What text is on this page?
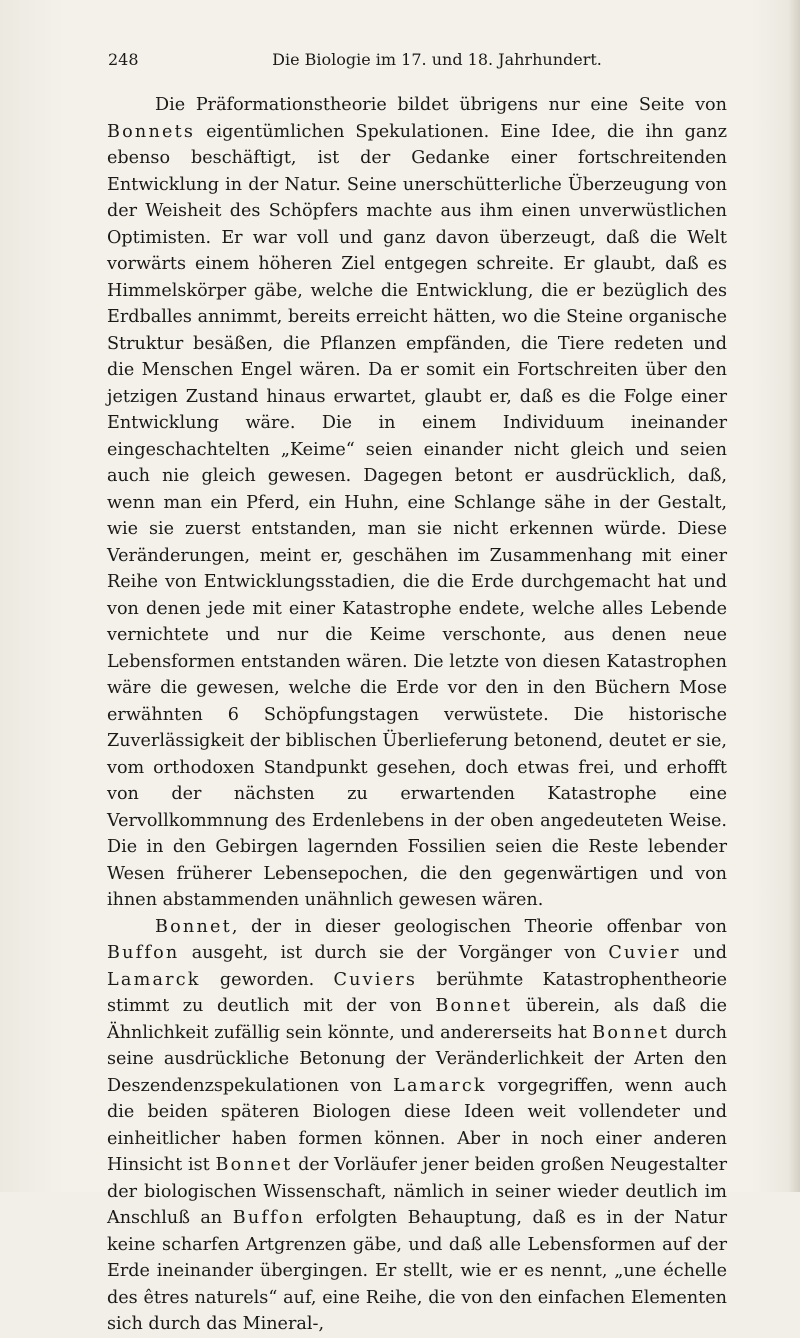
248	Die Biologie im 17. und 18. Jahrhundert.

Die Präformationstheorie bildet übrigens nur eine Seite von Bonnets eigentümlichen Spekulationen. Eine Idee, die ihn ganz ebenso beschäftigt, ist der Gedanke einer fortschreitenden Entwicklung in der Natur. Seine unerschütterliche Überzeugung von der Weisheit des Schöpfers machte aus ihm einen unverwüstlichen Optimisten. Er war voll und ganz davon überzeugt, daß die Welt vorwärts einem höheren Ziel entgegen schreite. Er glaubt, daß es Himmelskörper gäbe, welche die Entwicklung, die er bezüglich des Erdballes annimmt, bereits erreicht hätten, wo die Steine organische Struktur besäßen, die Pflanzen empfänden, die Tiere redeten und die Menschen Engel wären. Da er somit ein Fortschreiten über den jetzigen Zustand hinaus erwartet, glaubt er, daß es die Folge einer Entwicklung wäre. Die in einem Individuum ineinander eingeschachtelten „Keime“ seien einander nicht gleich und seien auch nie gleich gewesen. Dagegen betont er ausdrücklich, daß, wenn man ein Pferd, ein Huhn, eine Schlange sähe in der Gestalt, wie sie zuerst entstanden, man sie nicht erkennen würde. Diese Veränderungen, meint er, geschähen im Zusammenhang mit einer Reihe von Entwicklungsstadien, die die Erde durchgemacht hat und von denen jede mit einer Katastrophe endete, welche alles Lebende vernichtete und nur die Keime verschonte, aus denen neue Lebensformen entstanden wären. Die letzte von diesen Katastrophen wäre die gewesen, welche die Erde vor den in den Büchern Mose erwähnten 6 Schöpfungstagen verwüstete. Die historische Zuverlässigkeit der biblischen Überlieferung betonend, deutet er sie, vom orthodoxen Standpunkt gesehen, doch etwas frei, und erhofft von der nächsten zu erwartenden Katastrophe eine Vervollkommnung des Erdenlebens in der oben angedeuteten Weise. Die in den Gebirgen lagernden Fossilien seien die Reste lebender Wesen früherer Lebensepochen, die den gegenwärtigen und von ihnen abstammenden unähnlich gewesen wären.

Bonnet, der in dieser geologischen Theorie offenbar von Buffon ausgeht, ist durch sie der Vorgänger von Cuvier und Lamarck geworden. Cuviers berühmte Katastrophentheorie stimmt zu deutlich mit der von Bonnet überein, als daß die Ähnlichkeit zufällig sein könnte, und andererseits hat Bonnet durch seine ausdrückliche Betonung der Veränderlichkeit der Arten den Deszendenzspekulationen von Lamarck vorgegriffen, wenn auch die beiden späteren Biologen diese Ideen weit vollendeter und einheitlicher haben formen können. Aber in noch einer anderen Hinsicht ist Bonnet der Vorläufer jener beiden großen Neugestalter der biologischen Wissenschaft, nämlich in seiner wieder deutlich im Anschluß an Buffon erfolgten Behauptung, daß es in der Natur keine scharfen Artgrenzen gäbe, und daß alle Lebensformen auf der Erde ineinander übergingen. Er stellt, wie er es nennt, „une échelle des êtres naturels“ auf, eine Reihe, die von den einfachen Elementen sich durch das Mineral-,
